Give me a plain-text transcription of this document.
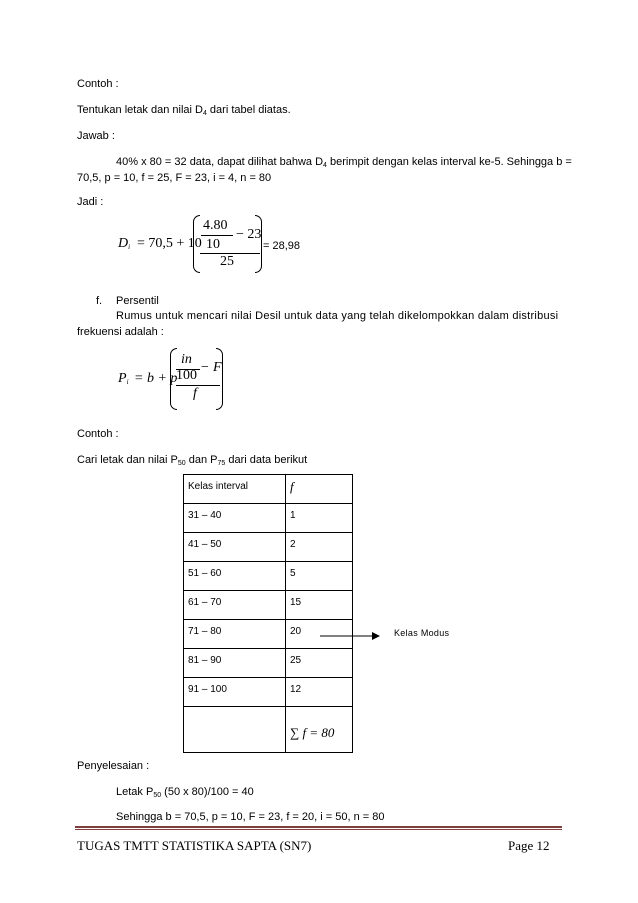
Contoh :
Tentukan letak dan nilai $D_4$ dari tabel diatas.
Jawab :
40% x 80 = 32 data, dapat dilihat bahwa $D_4$ berimpit dengan kelas interval ke-5. Sehingga b =
70,5, p = 10, f = 25, F = 23, i = 4, n = 80
Jadi :
$D_i = 70,5 + 10$
4.80
− 23
10
25
= 28,98
f. Persentil
Rumus untuk mencari nilai Desil untuk data yang telah dikelompokkan dalam distribusi
frekuensi adalah :
$P_i = b + p$
in
− F
100
f
Contoh :
Cari letak dan nilai $P_{50}$ dan $P_{75}$ dari data berikut
Kelas interval	f

31 – 40	1

41 – 50	2

51 – 60	5

61 – 70	15

71 – 80	20

81 – 90	25

91 – 100	12

	∑ f = 80
Kelas Modus
Penyelesaian :
Letak $P_{50}$ (50 x 80)/100 = 40
Sehingga b = 70,5, p = 10, F = 23, f = 20, i = 50, n = 80
TUGAS TMTT STATISTIKA SAPTA (SN7)	Page 12
